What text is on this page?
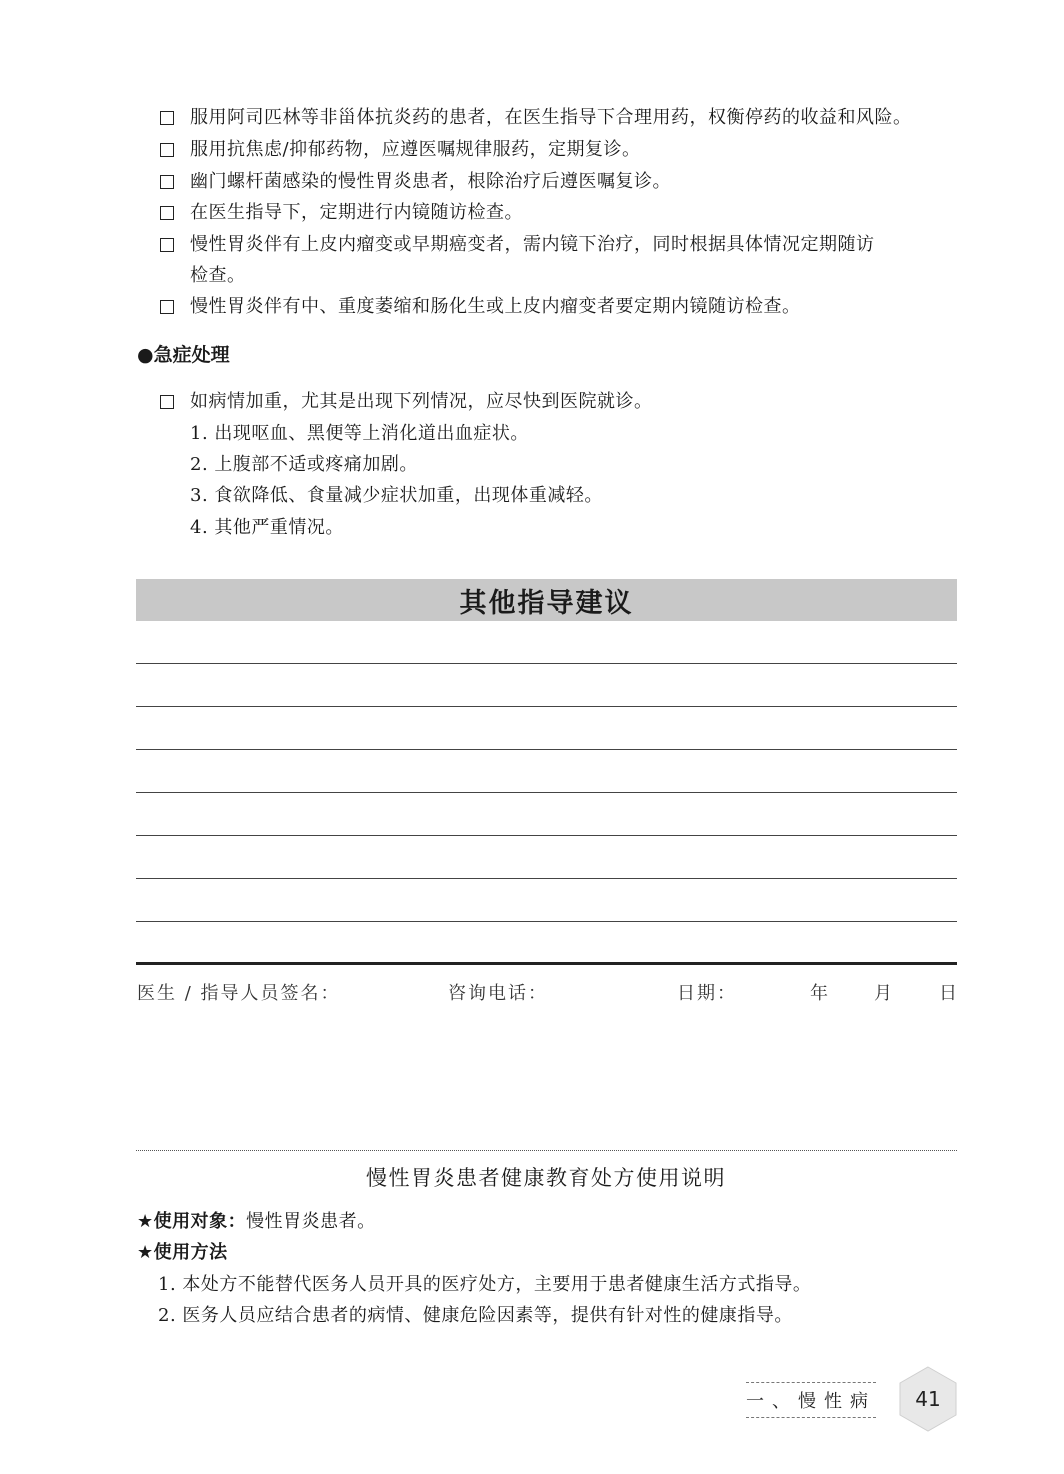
服用阿司匹林等非甾体抗炎药的患者，在医生指导下合理用药，权衡停药的收益和风险。
服用抗焦虑/抑郁药物，应遵医嘱规律服药，定期复诊。
幽门螺杆菌感染的慢性胃炎患者，根除治疗后遵医嘱复诊。
在医生指导下，定期进行内镜随访检查。
慢性胃炎伴有上皮内瘤变或早期癌变者，需内镜下治疗，同时根据具体情况定期随访
检查。
慢性胃炎伴有中、重度萎缩和肠化生或上皮内瘤变者要定期内镜随访检查。
●急症处理
如病情加重，尤其是出现下列情况，应尽快到医院就诊。
1. 出现呕血、黑便等上消化道出血症状。
2. 上腹部不适或疼痛加剧。
3. 食欲降低、食量减少症状加重，出现体重减轻。
4. 其他严重情况。
其他指导建议
医生 / 指导人员签名：	咨询电话：	日期：	年 月	日
慢性胃炎患者健康教育处方使用说明
★使用对象：慢性胃炎患者。
★使用方法
1. 本处方不能替代医务人员开具的医疗处方，主要用于患者健康生活方式指导。
2. 医务人员应结合患者的病情、健康危险因素等，提供有针对性的健康指导。
一、慢性病	41
